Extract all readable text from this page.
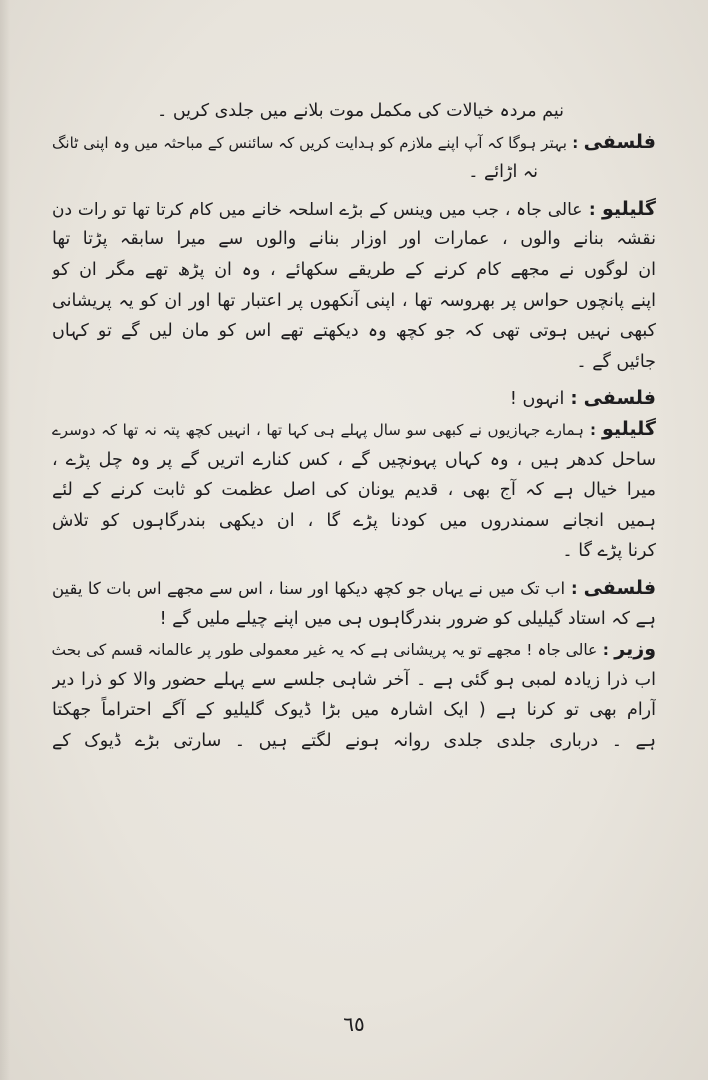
نیم مردہ خیالات کی مکمل موت بلانے میں جلدی کریں ۔
فلسفی : بہتر ہوگا کہ آپ اپنے ملازم کو ہدایت کریں کہ سائنس کے مباحثہ میں وہ اپنی ٹانگ
نہ اڑائے ۔
گلیلیو : عالی جاہ ، جب میں وینس کے بڑے اسلحہ خانے میں کام کرتا تھا تو رات دن
نقشہ بنانے والوں ، عمارات اور اوزار بنانے والوں سے میرا سابقہ پڑتا تھا
ان لوگوں نے مجھے کام کرنے کے طریقے سکھائے ، وہ ان پڑھ تھے مگر ان کو
اپنے پانچوں حواس پر بھروسہ تھا ، اپنی آنکھوں پر اعتبار تھا اور ان کو یہ پریشانی
کبھی نہیں ہوتی تھی کہ جو کچھ وہ دیکھتے تھے اس کو مان لیں گے تو کہاں
جائیں گے ۔
فلسفی : انہوں !
گلیلیو : ہمارے جہازیوں نے کبھی سو سال پہلے ہی کہا تھا ، انہیں کچھ پتہ نہ تھا کہ دوسرے
ساحل کدھر ہیں ، وہ کہاں پہونچیں گے ، کس کنارے اتریں گے پر وہ چل پڑے ،
میرا خیال ہے کہ آج بھی ، قدیم یونان کی اصل عظمت کو ثابت کرنے کے لئے
ہمیں انجانے سمندروں میں کودنا پڑے گا ، ان دیکھی بندرگاہوں کو تلاش
کرنا پڑے گا ۔
فلسفی : اب تک میں نے یہاں جو کچھ دیکھا اور سنا ، اس سے مجھے اس بات کا یقین
ہے کہ استاد گیلیلی کو ضرور بندرگاہوں ہی میں اپنے چیلے ملیں گے !
وزیر : عالی جاہ ! مجھے تو یہ پریشانی ہے کہ یہ غیر معمولی طور پر عالمانہ قسم کی بحث
اب ذرا زیادہ لمبی ہو گئی ہے ۔ آخر شاہی جلسے سے پہلے حضور والا کو ذرا دیر
آرام بھی تو کرنا ہے ( ایک اشارہ میں بڑا ڈیوک گلیلیو کے آگے احتراماً جھکتا
ہے ۔ درباری جلدی جلدی روانہ ہونے لگتے ہیں ۔ سارتی بڑے ڈیوک کے
٦٥
